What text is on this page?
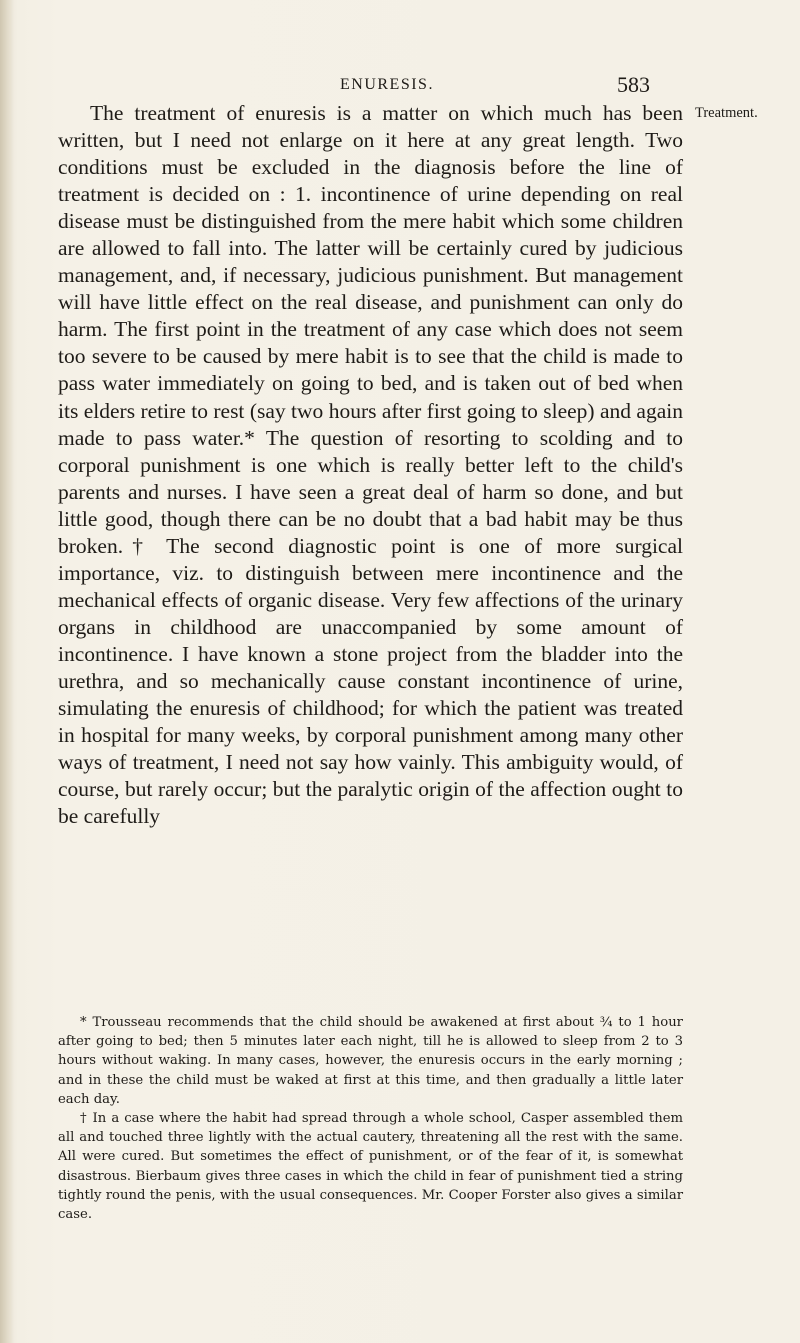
ENURESIS.	583
Treatment.

The treatment of enuresis is a matter on which much has been written, but I need not enlarge on it here at any great length. Two conditions must be excluded in the diagnosis before the line of treatment is decided on : 1. incontinence of urine depending on real disease must be distinguished from the mere habit which some children are allowed to fall into. The latter will be certainly cured by judicious management, and, if necessary, judicious punishment. But management will have little effect on the real disease, and punishment can only do harm. The first point in the treatment of any case which does not seem too severe to be caused by mere habit is to see that the child is made to pass water immediately on going to bed, and is taken out of bed when its elders retire to rest (say two hours after first going to sleep) and again made to pass water.* The question of resorting to scolding and to corporal punishment is one which is really better left to the child's parents and nurses. I have seen a great deal of harm so done, and but little good, though there can be no doubt that a bad habit may be thus broken.† The second diagnostic point is one of more surgical importance, viz. to distinguish between mere incontinence and the mechanical effects of organic disease. Very few affections of the urinary organs in childhood are unaccompanied by some amount of incontinence. I have known a stone project from the bladder into the urethra, and so mechanically cause constant incontinence of urine, simulating the enuresis of childhood; for which the patient was treated in hospital for many weeks, by corporal punishment among many other ways of treatment, I need not say how vainly. This ambiguity would, of course, but rarely occur; but the paralytic origin of the affection ought to be carefully

* Trousseau recommends that the child should be awakened at first about ¾ to 1 hour after going to bed; then 5 minutes later each night, till he is allowed to sleep from 2 to 3 hours without waking. In many cases, however, the enuresis occurs in the early morning ; and in these the child must be waked at first at this time, and then gradually a little later each day.

† In a case where the habit had spread through a whole school, Casper assembled them all and touched three lightly with the actual cautery, threatening all the rest with the same. All were cured. But sometimes the effect of punishment, or of the fear of it, is somewhat disastrous. Bierbaum gives three cases in which the child in fear of punishment tied a string tightly round the penis, with the usual consequences. Mr. Cooper Forster also gives a similar case.
